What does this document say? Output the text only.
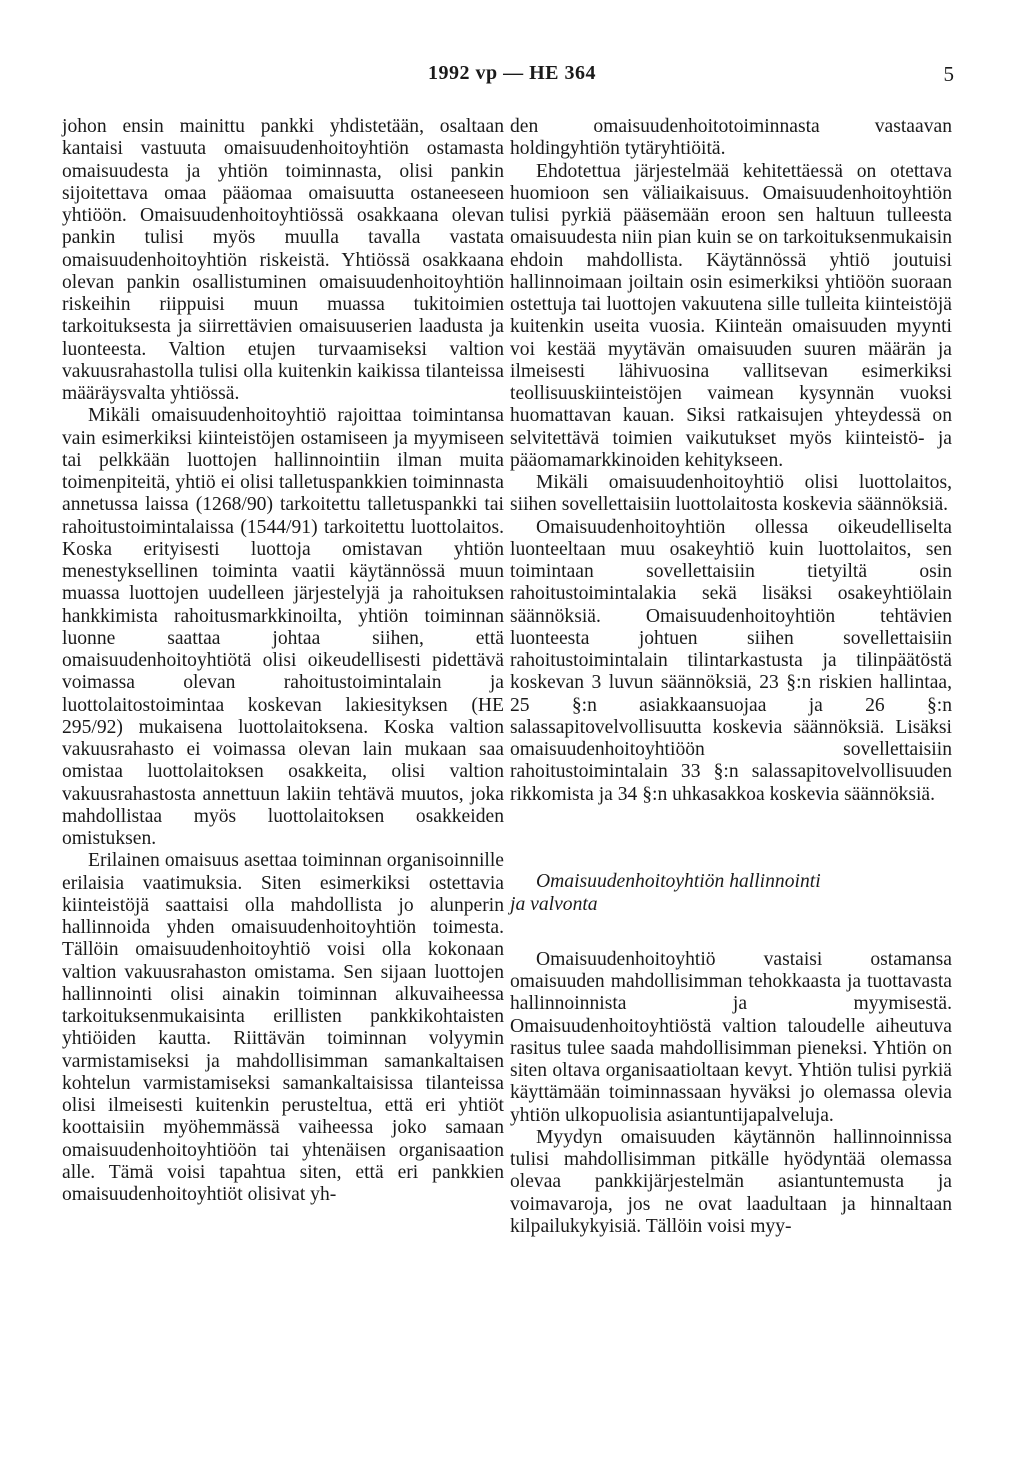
1992 vp — HE 364	5

johon ensin mainittu pankki yhdistetään, osaltaan kantaisi vastuuta omaisuudenhoitoyhtiön ostamasta omaisuudesta ja yhtiön toiminnasta, olisi pankin sijoitettava omaa pääomaa omaisuutta ostaneeseen yhtiöön. Omaisuudenhoitoyhtiössä osakkaana olevan pankin tulisi myös muulla tavalla vastata omaisuudenhoitoyhtiön riskeistä. Yhtiössä osakkaana olevan pankin osallistuminen omaisuudenhoitoyhtiön riskeihin riippuisi muun muassa tukitoimien tarkoituksesta ja siirrettävien omaisuuserien laadusta ja luonteesta. Valtion etujen turvaamiseksi valtion vakuusrahastolla tulisi olla kuitenkin kaikissa tilanteissa määräysvalta yhtiössä.

Mikäli omaisuudenhoitoyhtiö rajoittaa toimintansa vain esimerkiksi kiinteistöjen ostamiseen ja myymiseen tai pelkkään luottojen hallinnointiin ilman muita toimenpiteitä, yhtiö ei olisi talletuspankkien toiminnasta annetussa laissa (1268/90) tarkoitettu talletuspankki tai rahoitustoimintalaissa (1544/91) tarkoitettu luottolaitos. Koska erityisesti luottoja omistavan yhtiön menestyksellinen toiminta vaatii käytännössä muun muassa luottojen uudelleen järjestelyjä ja rahoituksen hankkimista rahoitusmarkkinoilta, yhtiön toiminnan luonne saattaa johtaa siihen, että omaisuudenhoitoyhtiötä olisi oikeudellisesti pidettävä voimassa olevan rahoitustoimintalain ja luottolaitostoimintaa koskevan lakiesityksen (HE 295/92) mukaisena luottolaitoksena. Koska valtion vakuusrahasto ei voimassa olevan lain mukaan saa omistaa luottolaitoksen osakkeita, olisi valtion vakuusrahastosta annettuun lakiin tehtävä muutos, joka mahdollistaa myös luottolaitoksen osakkeiden omistuksen.

Erilainen omaisuus asettaa toiminnan organisoinnille erilaisia vaatimuksia. Siten esimerkiksi ostettavia kiinteistöjä saattaisi olla mahdollista jo alunperin hallinnoida yhden omaisuudenhoitoyhtiön toimesta. Tällöin omaisuudenhoitoyhtiö voisi olla kokonaan valtion vakuusrahaston omistama. Sen sijaan luottojen hallinnointi olisi ainakin toiminnan alkuvaiheessa tarkoituksenmukaisinta erillisten pankkikohtaisten yhtiöiden kautta. Riittävän toiminnan volyymin varmistamiseksi ja mahdollisimman samankaltaisen kohtelun varmistamiseksi samankaltaisissa tilanteissa olisi ilmeisesti kuitenkin perusteltua, että eri yhtiöt koottaisiin myöhemmässä vaiheessa joko samaan omaisuudenhoitoyhtiöön tai yhtenäisen organisaation alle. Tämä voisi tapahtua siten, että eri pankkien omaisuudenhoitoyhtiöt olisivat yh-

den omaisuudenhoitotoiminnasta vastaavan holdingyhtiön tytäryhtiöitä.

Ehdotettua järjestelmää kehitettäessä on otettava huomioon sen väliaikaisuus. Omaisuudenhoitoyhtiön tulisi pyrkiä pääsemään eroon sen haltuun tulleesta omaisuudesta niin pian kuin se on tarkoituksenmukaisin ehdoin mahdollista. Käytännössä yhtiö joutuisi hallinnoimaan joiltain osin esimerkiksi yhtiöön suoraan ostettuja tai luottojen vakuutena sille tulleita kiinteistöjä kuitenkin useita vuosia. Kiinteän omaisuuden myynti voi kestää myytävän omaisuuden suuren määrän ja ilmeisesti lähivuosina vallitsevan esimerkiksi teollisuuskiinteistöjen vaimean kysynnän vuoksi huomattavan kauan. Siksi ratkaisujen yhteydessä on selvitettävä toimien vaikutukset myös kiinteistö- ja pääomamarkkinoiden kehitykseen.

Mikäli omaisuudenhoitoyhtiö olisi luottolaitos, siihen sovellettaisiin luottolaitosta koskevia säännöksiä.

Omaisuudenhoitoyhtiön ollessa oikeudelliselta luonteeltaan muu osakeyhtiö kuin luottolaitos, sen toimintaan sovellettaisiin tietyiltä osin rahoitustoimintalakia sekä lisäksi osakeyhtiölain säännöksiä. Omaisuudenhoitoyhtiön tehtävien luonteesta johtuen siihen sovellettaisiin rahoitustoimintalain tilintarkastusta ja tilinpäätöstä koskevan 3 luvun säännöksiä, 23 §:n riskien hallintaa, 25 §:n asiakkaansuojaa ja 26 §:n salassapitovelvollisuutta koskevia säännöksiä. Lisäksi omaisuudenhoitoyhtiöön sovellettaisiin rahoitustoimintalain 33 §:n salassapitovelvollisuuden rikkomista ja 34 §:n uhkasakkoa koskevia säännöksiä.

Omaisuudenhoitoyhtiön hallinnointi
ja valvonta

Omaisuudenhoitoyhtiö vastaisi ostamansa omaisuuden mahdollisimman tehokkaasta ja tuottavasta hallinnoinnista ja myymisestä. Omaisuudenhoitoyhtiöstä valtion taloudelle aiheutuva rasitus tulee saada mahdollisimman pieneksi. Yhtiön on siten oltava organisaatioltaan kevyt. Yhtiön tulisi pyrkiä käyttämään toiminnassaan hyväksi jo olemassa olevia yhtiön ulkopuolisia asiantuntijapalveluja.

Myydyn omaisuuden käytännön hallinnoinnissa tulisi mahdollisimman pitkälle hyödyntää olemassa olevaa pankkijärjestelmän asiantuntemusta ja voimavaroja, jos ne ovat laadultaan ja hinnaltaan kilpailukykyisiä. Tällöin voisi myy-
